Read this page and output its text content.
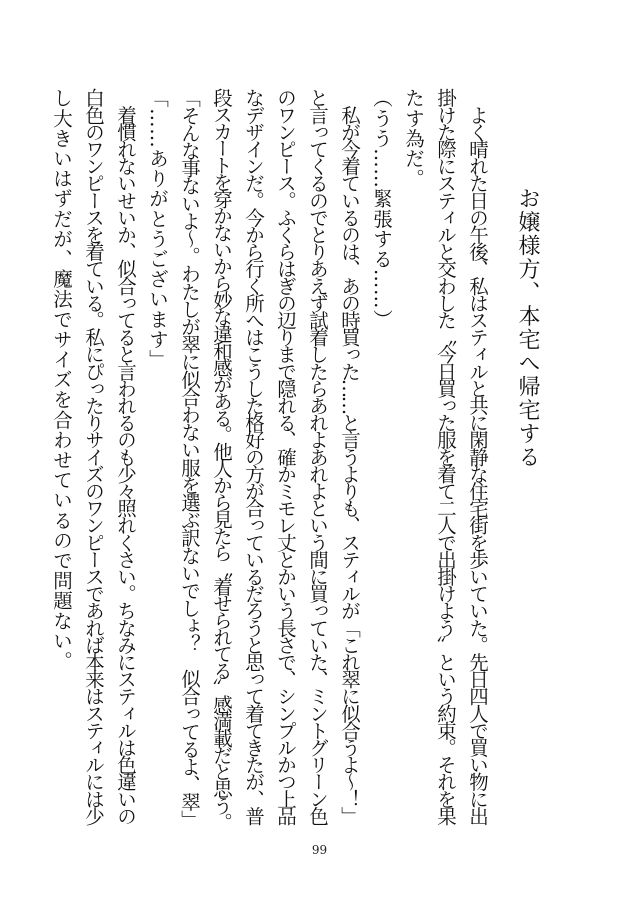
お嬢様方、本宅へ帰宅する

　よく晴れた日の午後、私はスティルと共に閑静な住宅街を歩いていた。先日四人で買い物に出

掛けた際にスティルと交わした〝今日買った服を着て二人で出掛けよう〟という約束。それを果

たす為だ。

（うう……緊張する……）

　私が今着ているのは、あの時買った……と言うよりも、スティルが「これ翠に似合うよ〜！」

と言ってくるのでとりあえず試着したらあれよあれよという間に買っていた、ミントグリーン色

のワンピース。ふくらはぎの辺りまで隠れる、確かミモレ丈とかいう長さで、シンプルかつ上品

なデザインだ。今から行く所へはこうした格好の方が合っているだろうと思って着てきたが、普

段スカートを穿かないから妙な違和感がある。他人から見たら〝着せられてる〟感満載だと思う。

「そんな事ないよ〜。わたしが翠に似合わない服を選ぶ訳ないでしょ？　似合ってるよ、翠」

「……ありがとうございます」

　着慣れないせいか、似合ってると言われるのも少々照れくさい。ちなみにスティルは色違いの

白色のワンピースを着ている。私にぴったりサイズのワンピースであれば本来はスティルには少

し大きいはずだが、魔法でサイズを合わせているので問題ない。

99
